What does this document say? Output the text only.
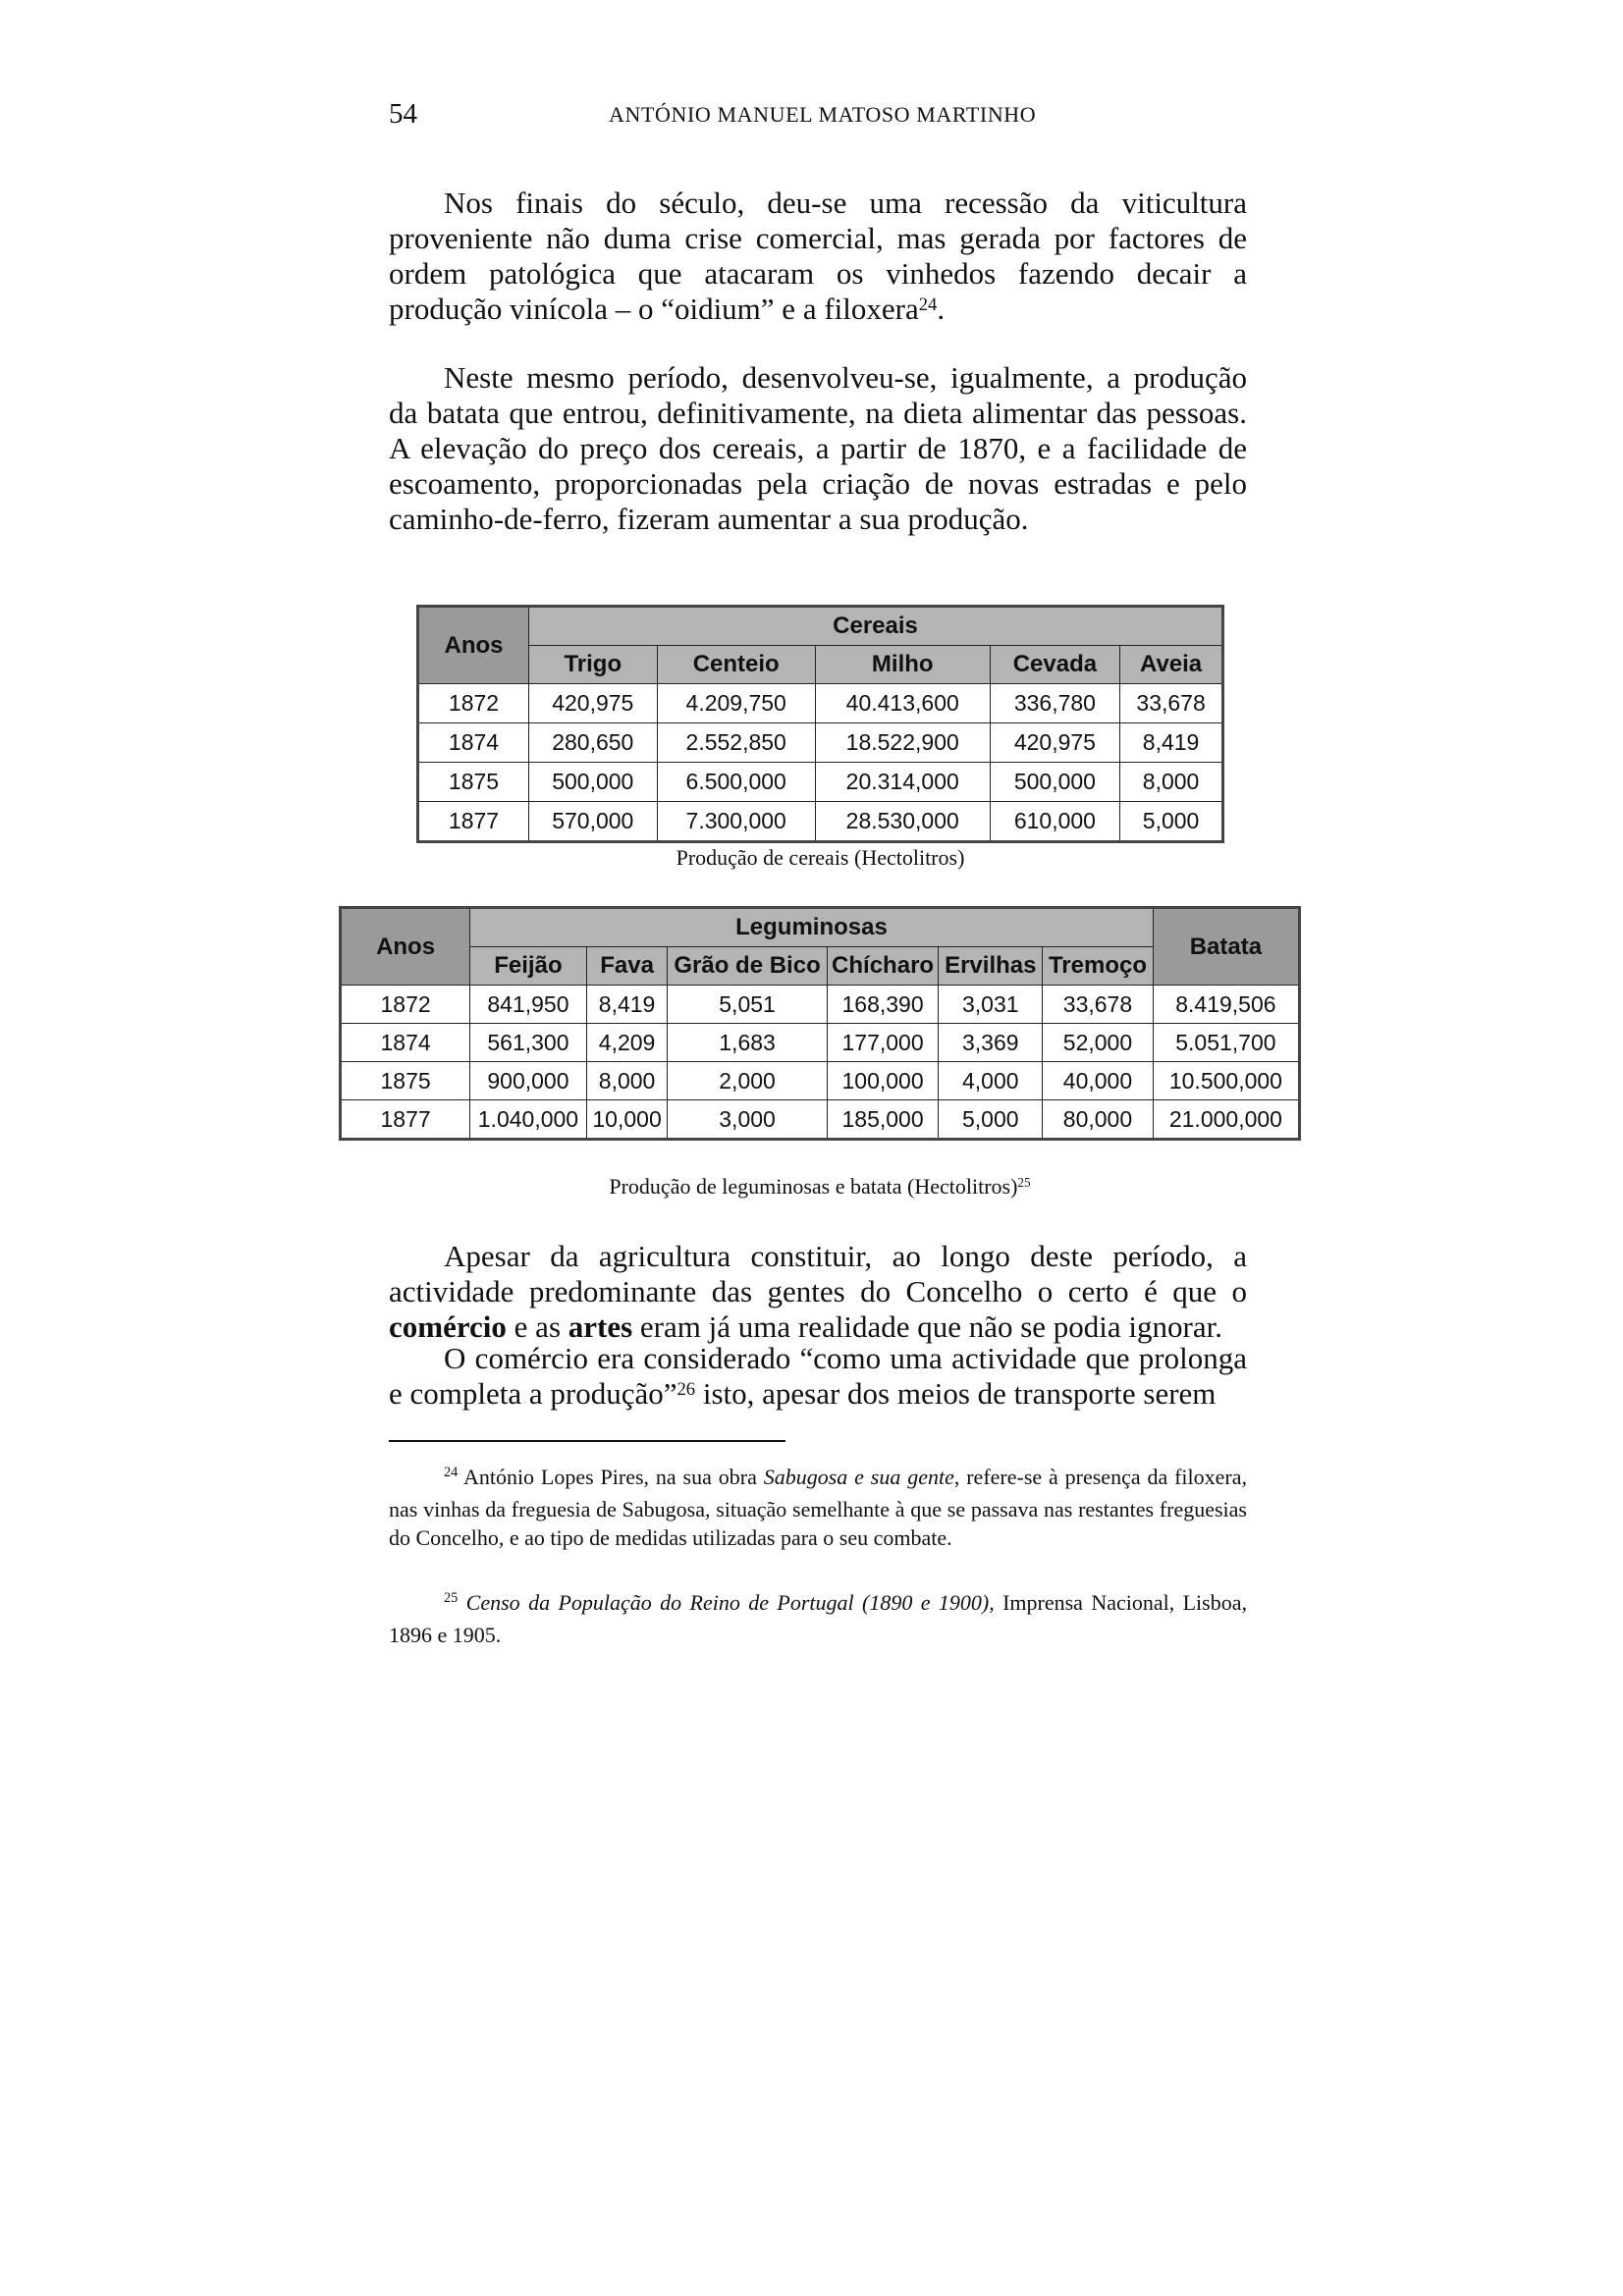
54	ANTÓNIO MANUEL MATOSO MARTINHO
Nos finais do século, deu-se uma recessão da viticultura proveniente não duma crise comercial, mas gerada por factores de ordem patológica que atacaram os vinhedos fazendo decair a produção vinícola – o “oidium” e a filoxera$^{24}$.
Neste mesmo período, desenvolveu-se, igualmente, a produção da batata que entrou, definitivamente, na dieta alimentar das pessoas. A elevação do preço dos cereais, a partir de 1870, e a facilidade de escoamento, proporcionadas pela criação de novas estradas e pelo caminho-de-ferro, fizeram aumentar a sua produção.
Anos	Cereais				
	Trigo	Centeio	Milho	Cevada	Aveia
1872	420,975	4.209,750	40.413,600	336,780	33,678
1874	280,650	2.552,850	18.522,900	420,975	8,419
1875	500,000	6.500,000	20.314,000	500,000	8,000
1877	570,000	7.300,000	28.530,000	610,000	5,000
Produção de cereais (Hectolitros)
Anos	Leguminosas						Batata
	Feijão	Fava	Grão de Bico	Chícharo	Ervilhas	Tremoço	
1872	841,950	8,419	5,051	168,390	3,031	33,678	8.419,506
1874	561,300	4,209	1,683	177,000	3,369	52,000	5.051,700
1875	900,000	8,000	2,000	100,000	4,000	40,000	10.500,000
1877	1.040,000	10,000	3,000	185,000	5,000	80,000	21.000,000
Produção de leguminosas e batata (Hectolitros)$^{25}$
Apesar da agricultura constituir, ao longo deste período, a actividade predominante das gentes do Concelho o certo é que o comércio e as artes eram já uma realidade que não se podia ignorar.
O comércio era considerado “como uma actividade que prolonga e completa a produção”$^{26}$ isto, apesar dos meios de transporte serem
$^{24}$ António Lopes Pires, na sua obra Sabugosa e sua gente, refere-se à presença da filoxera, nas vinhas da freguesia de Sabugosa, situação semelhante à que se passava nas restantes freguesias do Concelho, e ao tipo de medidas utilizadas para o seu combate.
$^{25}$ Censo da População do Reino de Portugal (1890 e 1900), Imprensa Nacional, Lisboa, 1896 e 1905.
